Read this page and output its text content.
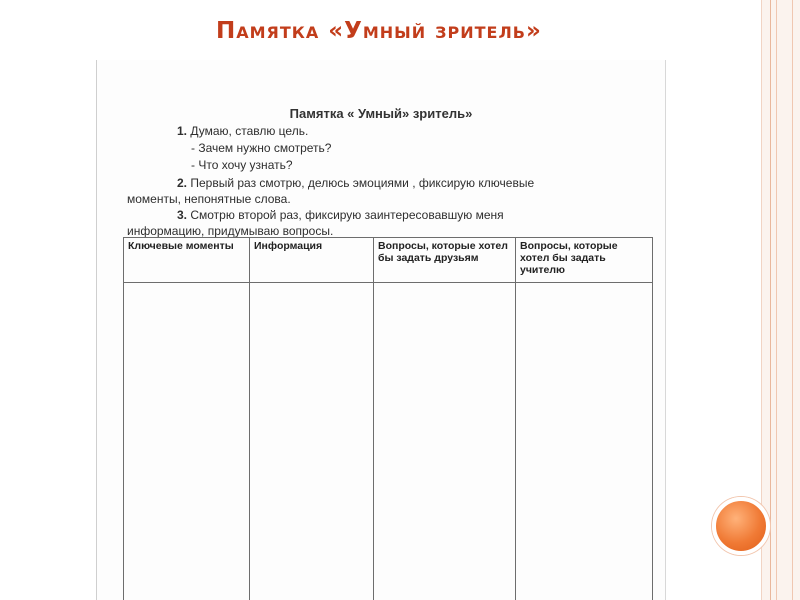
Памятка «Умный зритель»
Памятка « Умный» зритель»
1. Думаю, ставлю цель.
- Зачем нужно смотреть?
- Что хочу узнать?
2. Первый раз смотрю, делюсь эмоциями , фиксирую ключевые
моменты, непонятные слова.
3. Смотрю второй раз, фиксирую заинтересовавшую меня
информацию, придумываю вопросы.
Ключевые моменты	Информация	Вопросы, которые хотел бы задать друзьям	Вопросы, которые хотел бы задать учителю
